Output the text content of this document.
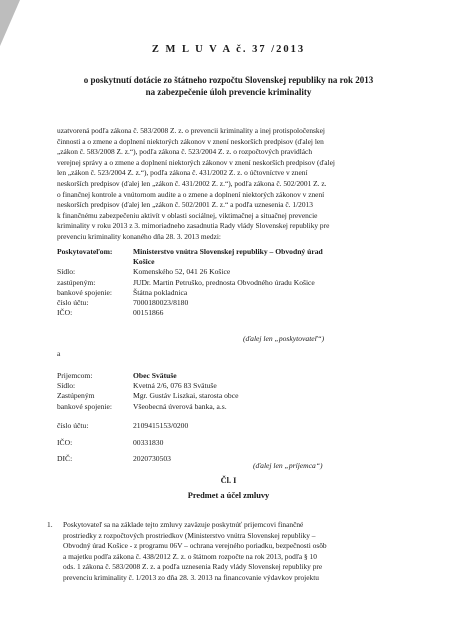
Z M L U V A č. 37 /2013
o poskytnutí dotácie zo štátneho rozpočtu Slovenskej republiky na rok 2013
na zabezpečenie úloh prevencie kriminality
uzatvorená podľa zákona č. 583/2008 Z. z. o prevencii kriminality a inej protispoločenskej
činnosti a o zmene a doplnení niektorých zákonov v znení neskorších predpisov (ďalej len
„zákon č. 583/2008 Z. z.“), podľa zákona č. 523/2004 Z. z. o rozpočtových pravidlách
verejnej správy a o zmene a doplnení niektorých zákonov v znení neskorších predpisov (ďalej
len „zákon č. 523/2004 Z. z.“), podľa zákona č. 431/2002 Z. z. o účtovníctve v znení
neskorších predpisov (ďalej len „zákon č. 431/2002 Z. z.“), podľa zákona č. 502/2001 Z. z.
o finančnej kontrole a vnútornom audite a o zmene a doplnení niektorých zákonov v znení
neskorších predpisov (ďalej len „zákon č. 502/2001 Z. z.“ a podľa uznesenia č. 1/2013
k finančnému zabezpečeniu aktivít v oblasti sociálnej, viktimačnej a situačnej prevencie
kriminality v roku 2013 z 3. mimoriadneho zasadnutia Rady vlády Slovenskej republiky pre
prevenciu kriminality konaného dňa 28. 3. 2013 medzi:
Poskytovateľom:	Ministerstvo vnútra Slovenskej republiky – Obvodný úrad
Košice
Sídlo:	Komenského 52, 041 26 Košice
zastúpeným:	JUDr. Martin Petruško, prednosta Obvodného úradu Košice
bankové spojenie:	Štátna pokladnica
číslo účtu:	7000180023/8180
IČO:	00151866
(ďalej len „poskytovateľ“)
a
Prijemcom:	Obec Svätuše
Sídlo:	Kvetná 2/6, 076 83 Svätuše
Zastúpeným	Mgr. Gustáv Liszkai, starosta obce
bankové spojenie:	Všeobecná úverová banka, a.s.
číslo účtu:	2109415153/0200
IČO:	00331830
DIČ:	2020730503
(ďalej len „príjemca“)
Čl. I
Predmet a účel zmluvy
1. Poskytovateľ sa na základe tejto zmluvy zaväzuje poskytnúť prijemcovi finančné
prostriedky z rozpočtových prostriedkov (Ministerstvo vnútra Slovenskej republiky –
Obvodný úrad Košice - z programu 06V – ochrana verejného poriadku, bezpečnosti osôb
a majetku podľa zákona č. 438/2012 Z. z. o štátnom rozpočte na rok 2013, podľa § 10
ods. 1 zákona č. 583/2008 Z. z. a podľa uznesenia Rady vlády Slovenskej republiky pre
prevenciu kriminality č. 1/2013 zo dňa 28. 3. 2013 na financovanie výdavkov projektu
